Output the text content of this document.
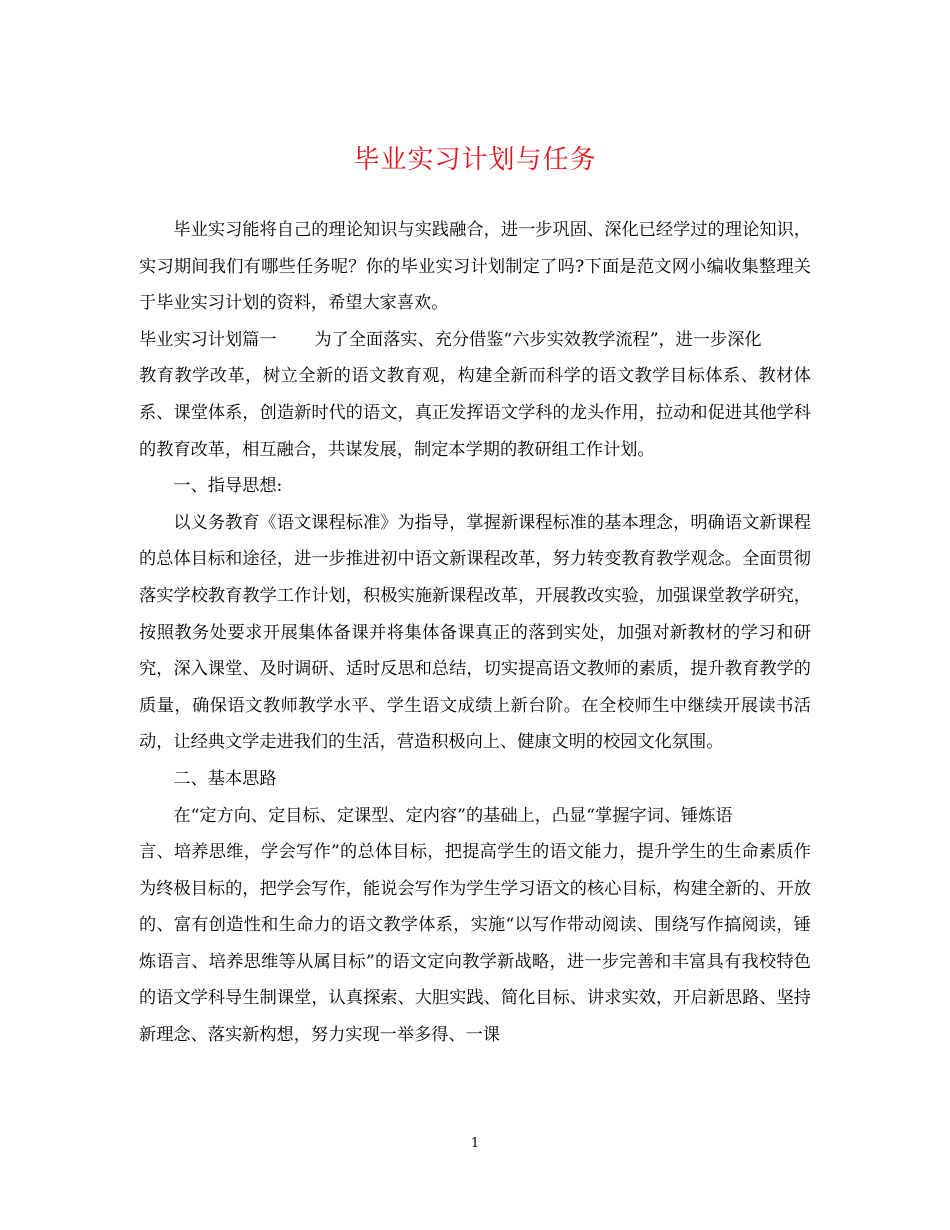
毕业实习计划与任务

毕业实习能将自己的理论知识与实践融合，进一步巩固、深化已经学过的理论知识，实习期间我们有哪些任务呢？你的毕业实习计划制定了吗?下面是范文网小编收集整理关于毕业实习计划的资料，希望大家喜欢。

毕业实习计划篇一	为了全面落实、充分借鉴“六步实效教学流程”，进一步深化

教育教学改革，树立全新的语文教育观，构建全新而科学的语文教学目标体系、教材体系、课堂体系，创造新时代的语文，真正发挥语文学科的龙头作用，拉动和促进其他学科的教育改革，相互融合，共谋发展，制定本学期的教研组工作计划。

一、指导思想:

以义务教育《语文课程标准》为指导，掌握新课程标准的基本理念，明确语文新课程的总体目标和途径，进一步推进初中语文新课程改革，努力转变教育教学观念。全面贯彻落实学校教育教学工作计划，积极实施新课程改革，开展教改实验，加强课堂教学研究，按照教务处要求开展集体备课并将集体备课真正的落到实处，加强对新教材的学习和研究，深入课堂、及时调研、适时反思和总结，切实提高语文教师的素质，提升教育教学的质量，确保语文教师教学水平、学生语文成绩上新台阶。在全校师生中继续开展读书活动，让经典文学走进我们的生活，营造积极向上、健康文明的校园文化氛围。

二、基本思路

在“定方向、定目标、定课型、定内容”的基础上，凸显“掌握字词、锤炼语

言、培养思维，学会写作”的总体目标，把提高学生的语文能力，提升学生的生命素质作为终极目标的，把学会写作，能说会写作为学生学习语文的核心目标，构建全新的、开放的、富有创造性和生命力的语文教学体系，实施“以写作带动阅读、围绕写作搞阅读，锤炼语言、培养思维等从属目标”的语文定向教学新战略，进一步完善和丰富具有我校特色的语文学科导生制课堂，认真探索、大胆实践、简化目标、讲求实效，开启新思路、坚持新理念、落实新构想，努力实现一举多得、一课

1
